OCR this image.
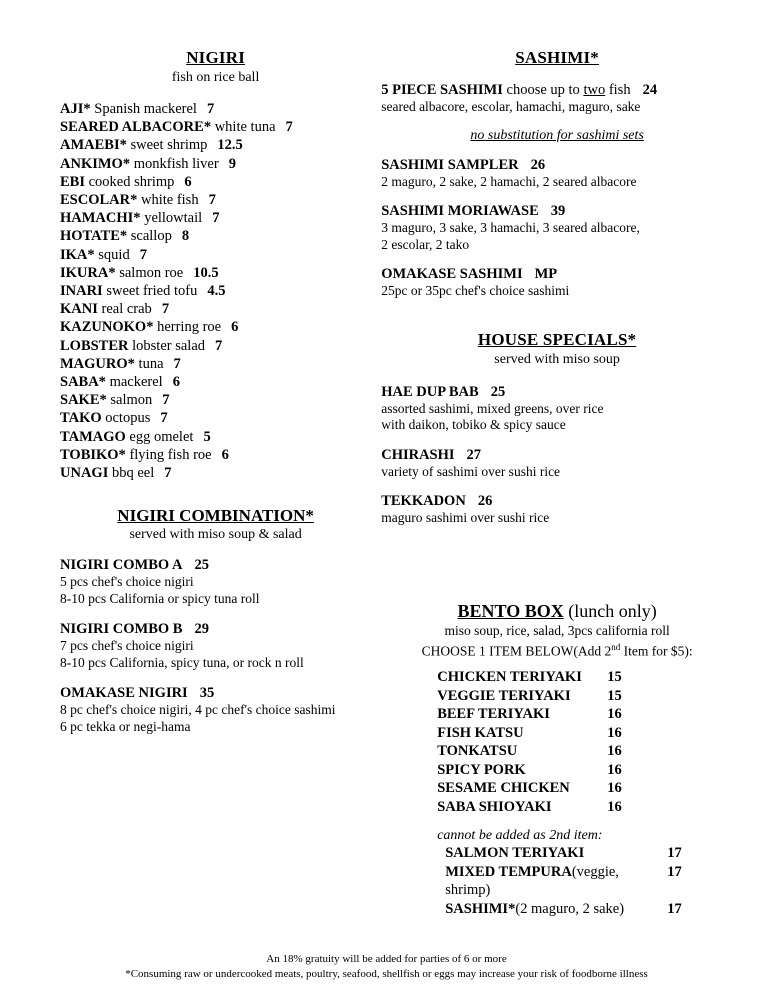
NIGIRI
fish on rice ball
AJI* Spanish mackerel 7
SEARED ALBACORE* white tuna 7
AMAEBI* sweet shrimp 12.5
ANKIMO* monkfish liver 9
EBI cooked shrimp 6
ESCOLAR* white fish 7
HAMACHI* yellowtail 7
HOTATE* scallop 8
IKA* squid 7
IKURA* salmon roe 10.5
INARI sweet fried tofu 4.5
KANI real crab 7
KAZUNOKO* herring roe 6
LOBSTER lobster salad 7
MAGURO* tuna 7
SABA* mackerel 6
SAKE* salmon 7
TAKO octopus 7
TAMAGO egg omelet 5
TOBIKO* flying fish roe 6
UNAGI bbq eel 7
NIGIRI COMBINATION*
served with miso soup & salad
NIGIRI COMBO A 25
5 pcs chef's choice nigiri
8-10 pcs California or spicy tuna roll
NIGIRI COMBO B 29
7 pcs chef's choice nigiri
8-10 pcs California, spicy tuna, or rock n roll
OMAKASE NIGIRI 35
8 pc chef's choice nigiri, 4 pc chef's choice sashimi
6 pc tekka or negi-hama
SASHIMI*
5 PIECE SASHIMI choose up to two fish 24
seared albacore, escolar, hamachi, maguro, sake
no substitution for sashimi sets
SASHIMI SAMPLER 26
2 maguro, 2 sake, 2 hamachi, 2 seared albacore
SASHIMI MORIAWASE 39
3 maguro, 3 sake, 3 hamachi, 3 seared albacore,
2 escolar, 2 tako
OMAKASE SASHIMI MP
25pc or 35pc chef's choice sashimi
HOUSE SPECIALS*
served with miso soup
HAE DUP BAB 25
assorted sashimi, mixed greens, over rice
with daikon, tobiko & spicy sauce
CHIRASHI 27
variety of sashimi over sushi rice
TEKKADON 26
maguro sashimi over sushi rice
BENTO BOX (lunch only)
miso soup, rice, salad, 3pcs california roll
CHOOSE 1 ITEM BELOW(Add 2nd Item for $5):
CHICKEN TERIYAKI	15
VEGGIE TERIYAKI	15
BEEF TERIYAKI	16
FISH KATSU	16
TONKATSU	16
SPICY PORK	16
SESAME CHICKEN	16
SABA SHIOYAKI	16
cannot be added as 2nd item:
SALMON TERIYAKI	17
MIXED TEMPURA(veggie, shrimp)
17
SASHIMI*(2 maguro, 2 sake)	17
An 18% gratuity will be added for parties of 6 or more
*Consuming raw or undercooked meats, poultry, seafood, shellfish or eggs may increase your risk of foodborne illness
